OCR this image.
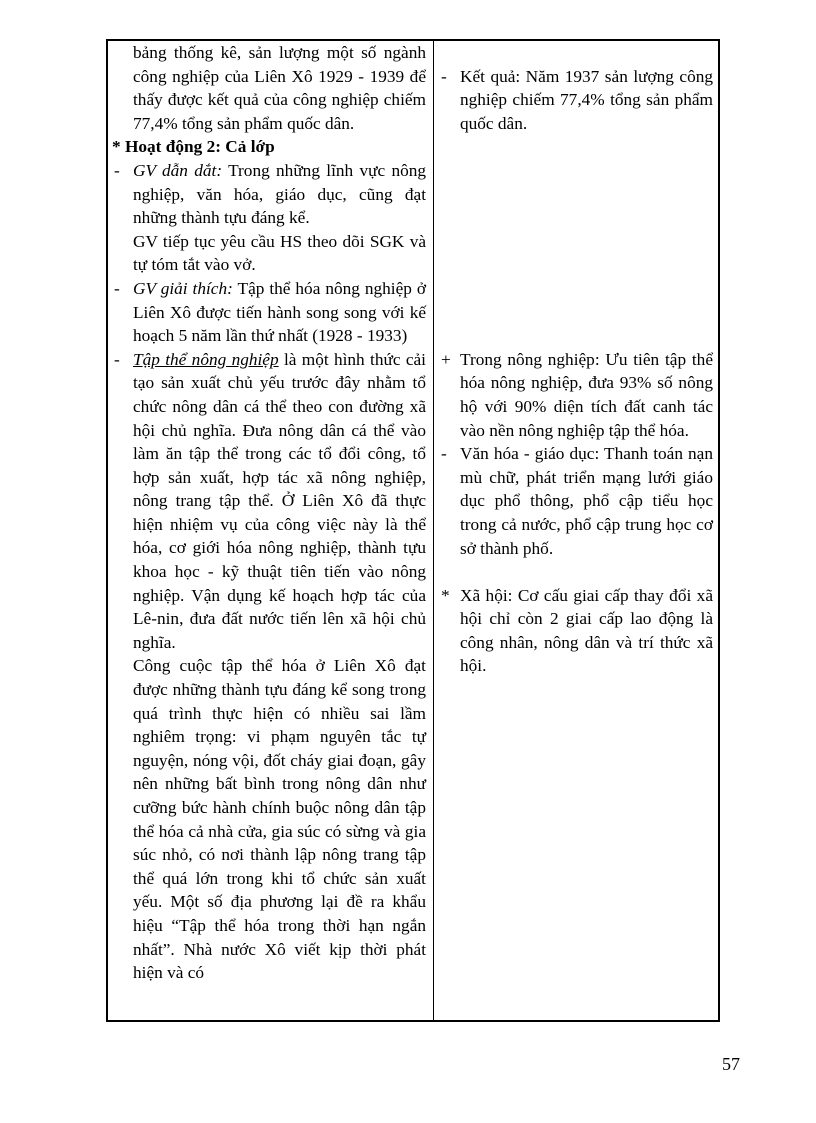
bảng thống kê, sản lượng một số ngành công nghiệp của Liên Xô 1929 - 1939 để thấy được kết quả của công nghiệp chiếm 77,4% tổng sản phẩm quốc dân.
* Hoạt động 2: Cả lớp
- GV dẫn dắt: Trong những lĩnh vực nông nghiệp, văn hóa, giáo dục, cũng đạt những thành tựu đáng kể.
GV tiếp tục yêu cầu HS theo dõi SGK và tự tóm tắt vào vở.
- GV giải thích: Tập thể hóa nông nghiệp ở Liên Xô được tiến hành song song với kế hoạch 5 năm lần thứ nhất (1928 - 1933)
- Tập thể nông nghiệp là một hình thức cải tạo sản xuất chủ yếu trước đây nhằm tổ chức nông dân cá thể theo con đường xã hội chủ nghĩa. Đưa nông dân cá thể vào làm ăn tập thể trong các tổ đổi công, tổ hợp sản xuất, hợp tác xã nông nghiệp, nông trang tập thể. Ở Liên Xô đã thực hiện nhiệm vụ của công việc này là thể hóa, cơ giới hóa nông nghiệp, thành tựu khoa học - kỹ thuật tiên tiến vào nông nghiệp. Vận dụng kế hoạch hợp tác của Lê-nin, đưa đất nước tiến lên xã hội chủ nghĩa.
Công cuộc tập thể hóa ở Liên Xô đạt được những thành tựu đáng kể song trong quá trình thực hiện có nhiều sai lầm nghiêm trọng: vi phạm nguyên tắc tự nguyện, nóng vội, đốt cháy giai đoạn, gây nên những bất bình trong nông dân như cưỡng bức hành chính buộc nông dân tập thể hóa cả nhà cửa, gia súc có sừng và gia súc nhỏ, có nơi thành lập nông trang tập thể quá lớn trong khi tổ chức sản xuất yếu. Một số địa phương lại đề ra khẩu hiệu “Tập thể hóa trong thời hạn ngắn nhất”. Nhà nước Xô viết kịp thời phát hiện và có
- Kết quả: Năm 1937 sản lượng công nghiệp chiếm 77,4% tổng sản phẩm quốc dân.
+ Trong nông nghiệp: Ưu tiên tập thể hóa nông nghiệp, đưa 93% số nông hộ với 90% diện tích đất canh tác vào nền nông nghiệp tập thể hóa.
- Văn hóa - giáo dục: Thanh toán nạn mù chữ, phát triển mạng lưới giáo dục phổ thông, phổ cập tiểu học trong cả nước, phổ cập trung học cơ sở thành phố.
* Xã hội: Cơ cấu giai cấp thay đổi xã hội chỉ còn 2 giai cấp lao động là công nhân, nông dân và trí thức xã hội.
57
